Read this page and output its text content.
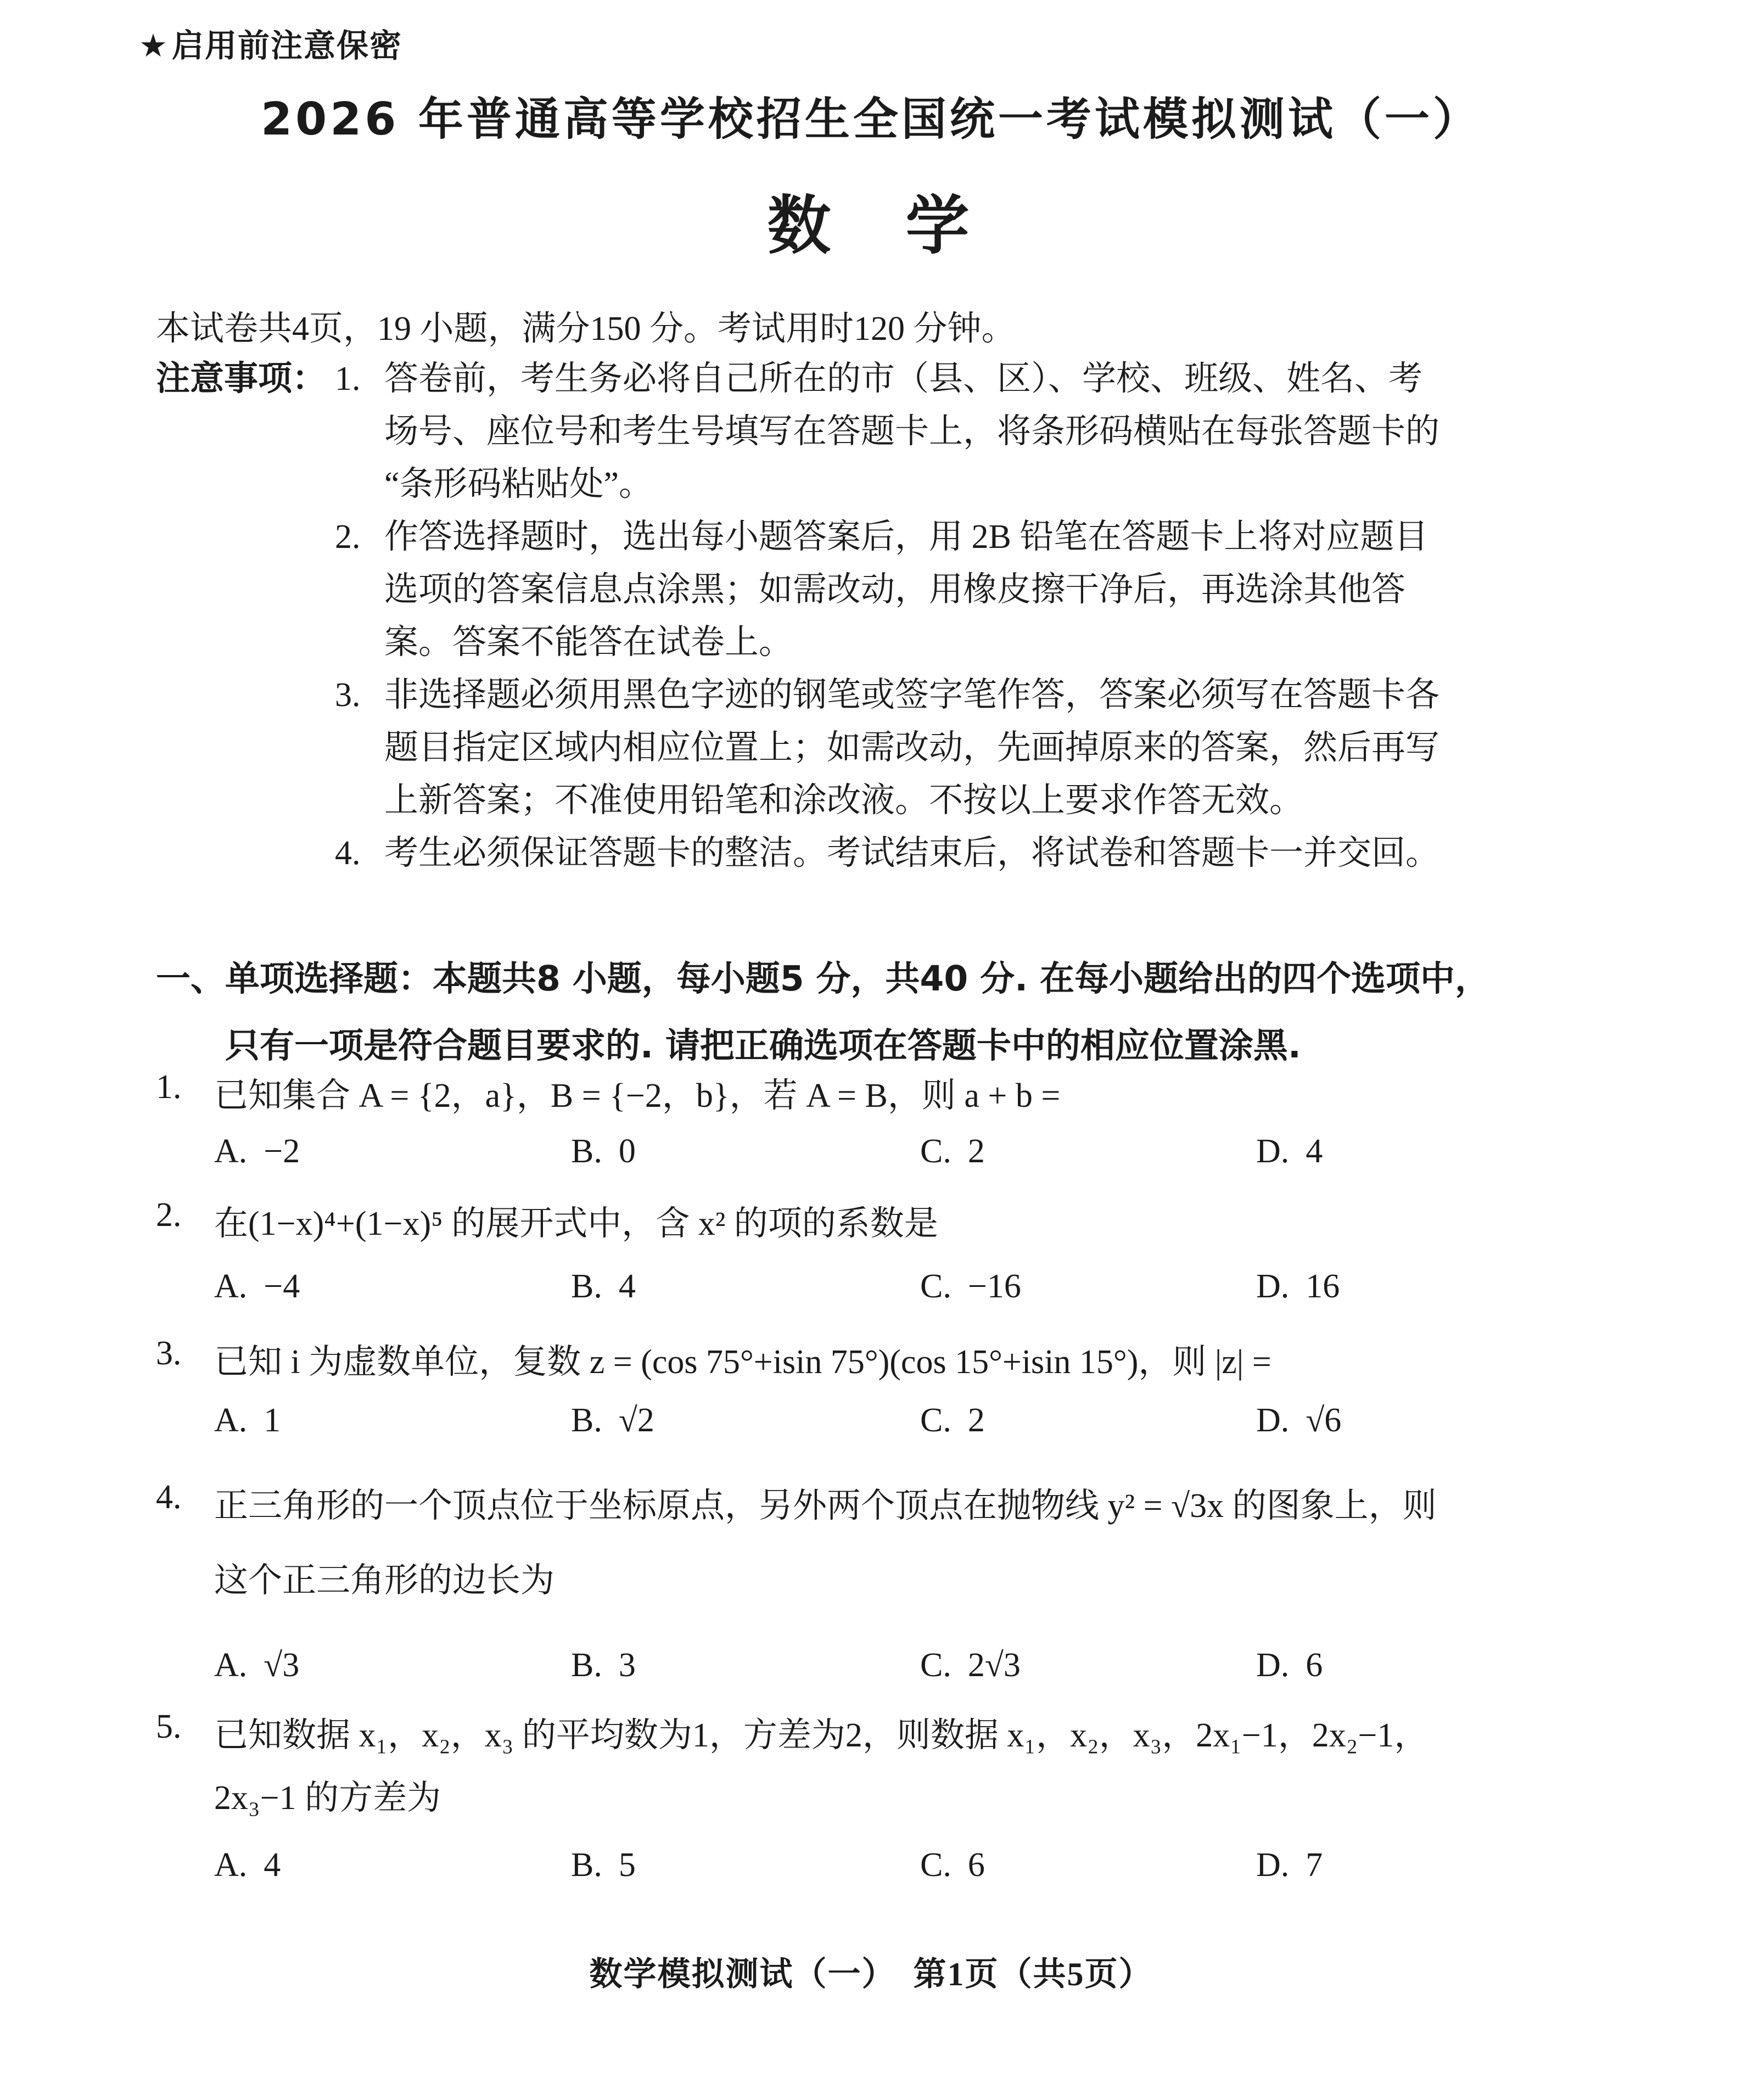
★ 启用前注意保密
2026 年普通高等学校招生全国统一考试模拟测试（一）
数　学
本试卷共4页，19 小题，满分150 分。考试用时120 分钟。
注意事项： 1. 答卷前，考生务必将自己所在的市（县、区）、学校、班级、姓名、考
场号、座位号和考生号填写在答题卡上，将条形码横贴在每张答题卡的
“条形码粘贴处”。
2. 作答选择题时，选出每小题答案后，用 2B 铅笔在答题卡上将对应题目
选项的答案信息点涂黑；如需改动，用橡皮擦干净后，再选涂其他答
案。答案不能答在试卷上。
3. 非选择题必须用黑色字迹的钢笔或签字笔作答，答案必须写在答题卡各
题目指定区域内相应位置上；如需改动，先画掉原来的答案，然后再写
上新答案；不准使用铅笔和涂改液。不按以上要求作答无效。
4. 考生必须保证答题卡的整洁。考试结束后，将试卷和答题卡一并交回。
一、 单项选择题：本题共8 小题，每小题5 分，共40 分. 在每小题给出的四个选项中，
只有一项是符合题目要求的. 请把正确选项在答题卡中的相应位置涂黑.
1. 已知集合 A = {2，a}，B = {−2，b}，若 A = B，则 a + b =
A. −2	B. 0	C. 2	D. 4
2. 在(1−x)⁴+(1−x)⁵ 的展开式中，含 x² 的项的系数是
A. −4	B. 4	C. −16	D. 16
3. 已知 i 为虚数单位，复数 z = (cos 75°+isin 75°)(cos 15°+isin 15°)，则 |z| =
A. 1	B. √2	C. 2	D. √6
4. 正三角形的一个顶点位于坐标原点，另外两个顶点在抛物线 y² = √3x 的图象上，则
这个正三角形的边长为
A. √3	B. 3	C. 2√3	D. 6
5. 已知数据 x₁，x₂，x₃ 的平均数为1，方差为2，则数据 x₁，x₂，x₃，2x₁−1，2x₂−1，
2x₃−1 的方差为
A. 4	B. 5	C. 6	D. 7
数学模拟测试（一）　第1页（共5页）
